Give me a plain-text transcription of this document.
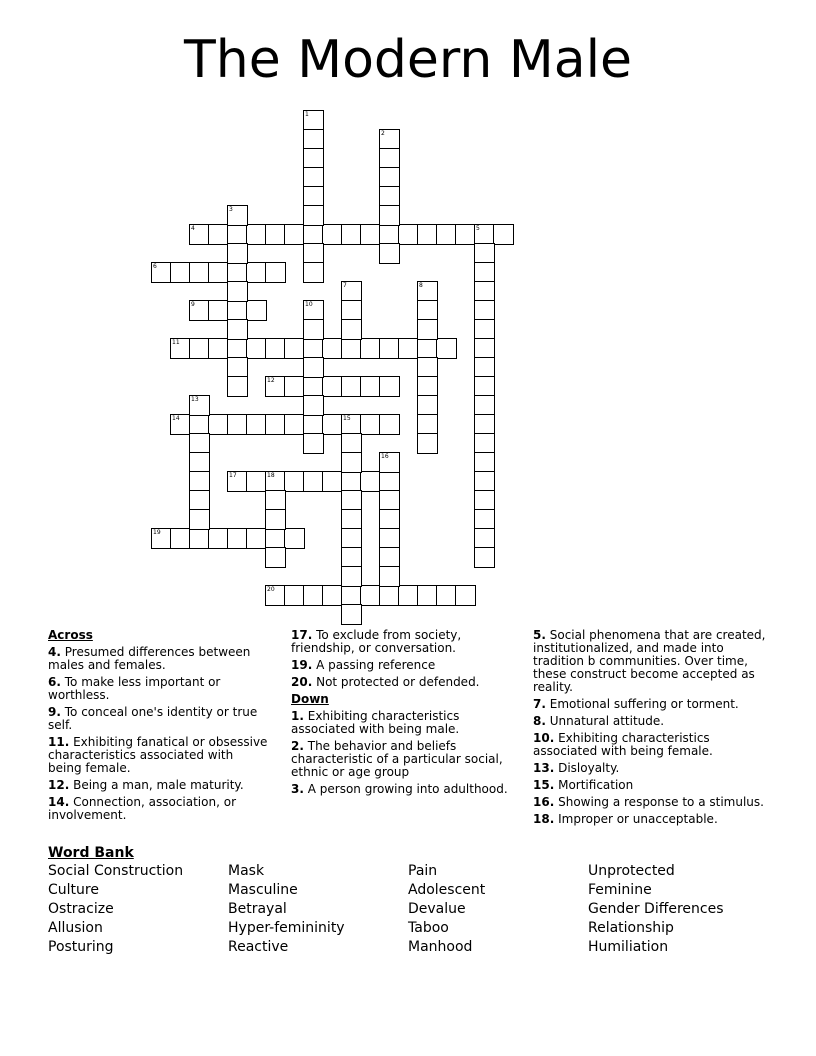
The Modern Male
4	5
6
9
11
12
14	15
17	18
19
20
1
2
3
7	8
10
13
16
Across
4. Presumed differences between males and females.
6. To make less important or worthless.
9. To conceal one's identity or true self.
11. Exhibiting fanatical or obsessive characteristics associated with being female.
12. Being a man, male maturity.
14. Connection, association, or involvement.
17. To exclude from society, friendship, or conversation.
19. A passing reference
20. Not protected or defended.
Down
1. Exhibiting characteristics associated with being male.
2. The behavior and beliefs characteristic of a particular social, ethnic or age group
3. A person growing into adulthood.
5. Social phenomena that are created, institutionalized, and made into tradition b communities. Over time, these construct become accepted as reality.
7. Emotional suffering or torment.
8. Unnatural attitude.
10. Exhibiting characteristics associated with being female.
13. Disloyalty.
15. Mortification
16. Showing a response to a stimulus.
18. Improper or unacceptable.
Word Bank
Social Construction	Mask	Pain	Unprotected
Culture	Masculine	Adolescent	Feminine
Ostracize	Betrayal	Devalue	Gender Differences
Allusion	Hyper-femininity	Taboo	Relationship
Posturing	Reactive	Manhood	Humiliation
